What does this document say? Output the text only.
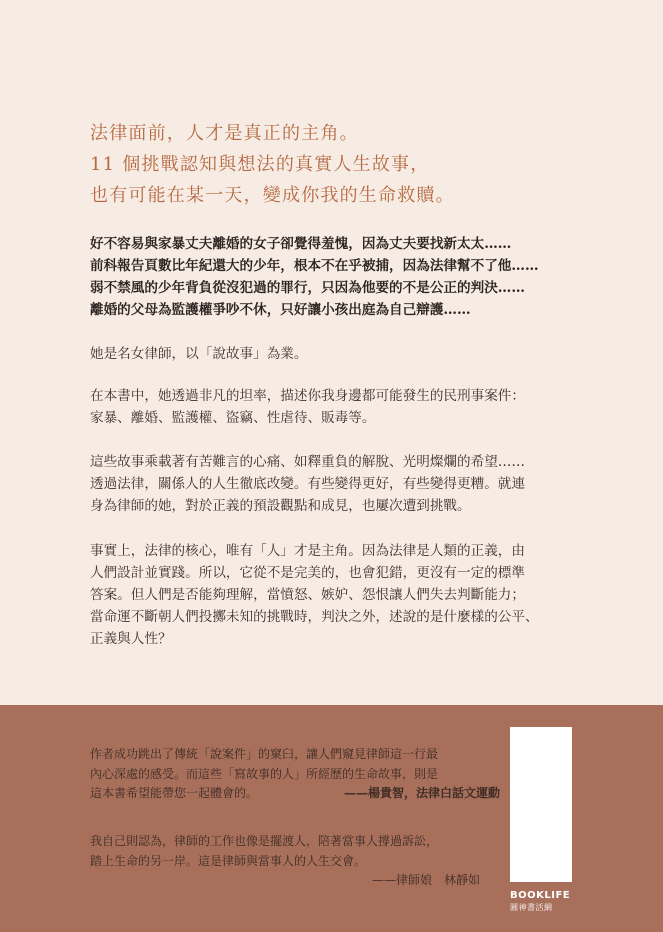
法律面前，人才是真正的主角。
11 個挑戰認知與想法的真實人生故事，
也有可能在某一天，變成你我的生命救贖。
好不容易與家暴丈夫離婚的女子卻覺得羞愧，因為丈夫要找新太太……
前科報告頁數比年紀還大的少年，根本不在乎被捕，因為法律幫不了他……
弱不禁風的少年背負從沒犯過的罪行，只因為他要的不是公正的判決……
離婚的父母為監護權爭吵不休，只好讓小孩出庭為自己辯護……
她是名女律師，以「說故事」為業。
在本書中，她透過非凡的坦率，描述你我身邊都可能發生的民刑事案件：
家暴、離婚、監護權、盜竊、性虐待、販毒等。
這些故事乘載著有苦難言的心痛、如釋重負的解脫、光明燦爛的希望……
透過法律，關係人的人生徹底改變。有些變得更好，有些變得更糟。就連
身為律師的她，對於正義的預設觀點和成見，也屢次遭到挑戰。
事實上，法律的核心，唯有「人」才是主角。因為法律是人類的正義，由
人們設計並實踐。所以，它從不是完美的，也會犯錯，更沒有一定的標準
答案。但人們是否能夠理解，當憤怒、嫉妒、怨恨讓人們失去判斷能力；
當命運不斷朝人們投擲未知的挑戰時，判決之外，述說的是什麼樣的公平、
正義與人性？
作者成功跳出了傳統「說案件」的窠臼，讓人們窺見律師這一行最
內心深處的感受。而這些「寫故事的人」所經歷的生命故事，則是
這本書希望能帶您一起體會的。	——楊貴智，法律白話文運動
我自己則認為，律師的工作也像是擺渡人，陪著當事人撐過訴訟，
踏上生命的另一岸。這是律師與當事人的人生交會。
——律師娘　林靜如
BOOKLIFE
圓神書活網
